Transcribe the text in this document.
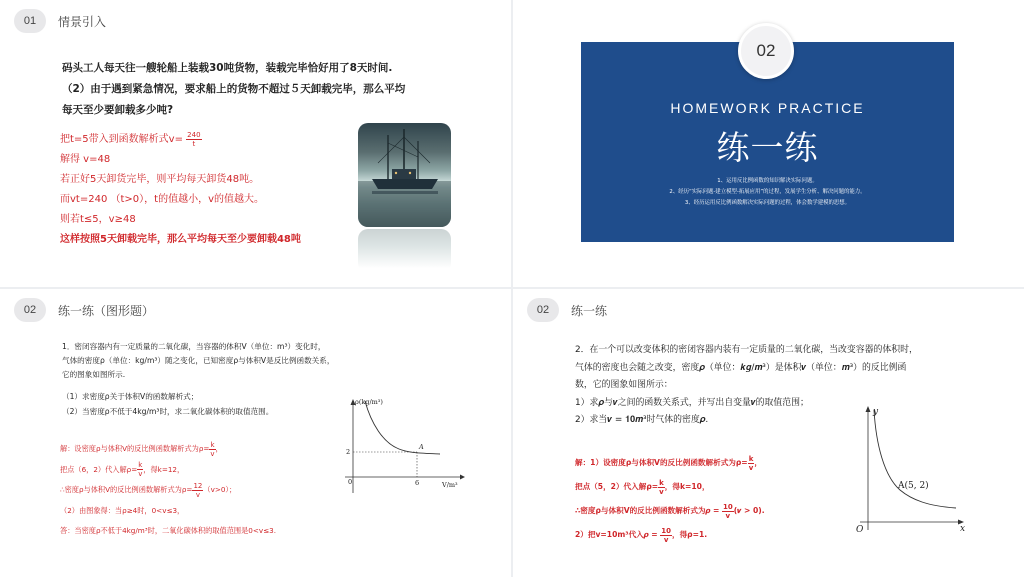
01	情景引入
码头工人每天往一艘轮船上装载30吨货物，装载完毕恰好用了8天时间.
（2）由于遇到紧急情况，要求船上的货物不超过５天卸载完毕，那么平均
每天至少要卸载多少吨?
把t=5带入到函数解析式$v= \frac{240}{t}$
解得 v=48
若正好5天卸货完毕，则平均每天卸货48吨。
而vt=240 （t>0），t的值越小，v的值越大。
则若t≤5，v≥48
这样按照5天卸载完毕，那么平均每天至少要卸载48吨
02
HOMEWORK PRACTICE
练一练
1、运用反比例函数的知识解决实际问题。
2、经历“实际问题-建立模型-拓展应用”的过程，发展学生分析、解决问题的能力。
3、经历运用反比例函数解决实际问题的过程，体会数学建模的思想。
02	练一练（图形题）
1．密闭容器内有一定质量的二氧化碳，当容器的体积V（单位：m³）变化时，
气体的密度ρ（单位：kg/m³）随之变化，已知密度ρ与体积V是反比例函数关系，
它的图象如图所示.
（1）求密度ρ关于体积V的函数解析式；
（2）当密度ρ不低于4kg/m³时，求二氧化碳体积的取值范围。
解：设密度ρ与体积V的反比例函数解析式为$\rho= \frac{k}{v}$ ，
把点（6，2）代入解$\rho= \frac{k}{v}$ ，得k=12，
∴密度ρ与体积V的反比例函数解析式为$\rho= \frac{12}{v} (v>0)$；
（2）由图象得：当ρ≥4时，0<v≤3，
答：当密度ρ不低于4kg/m³时，二氧化碳体积的取值范围是0<v≤3.
ρ(kg/m³)
V/m³
0	6
2
A
02	练一练
2．在一个可以改变体积的密闭容器内装有一定质量的二氧化碳，当改变容器的体积时，
气体的密度也会随之改变，密度𝝆（单位：𝒌𝒈/𝒎³）是体积𝒗（单位：𝒎³）的反比例函
数，它的图象如图所示：
1）求𝝆与𝒗之间的函数关系式，并写出自变量𝒗的取值范围；
2）求当𝒗 = 𝟏𝟎𝒎³时气体的密度𝝆.
解：1）设密度ρ与体积V的反比例函数解析式为$\rho= \frac{k}{v}$ ，
把点（5，2）代入解$\rho= \frac{k}{v}$ ，得k=10，
∴密度ρ与体积V的反比例函数解析式为𝝆 = $\frac{10}{v}$ (𝒗 > 0).
2）把v=10m³代入𝝆 = $\frac{10}{v}$ ，得ρ=1.
y
x
O
A(5, 2)
